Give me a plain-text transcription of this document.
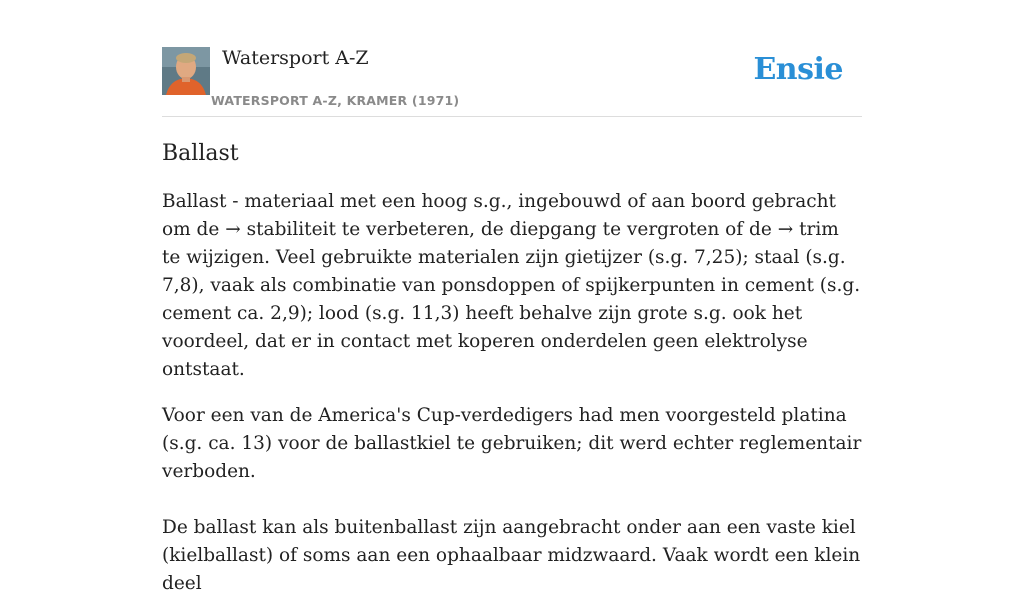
Watersport A-Z
WATERSPORT A-Z, KRAMER (1971)
Ensie
Ballast

Ballast - materiaal met een hoog s.g., ingebouwd of aan boord gebracht om de → stabiliteit te verbeteren, de diepgang te vergroten of de → trim te wijzigen. Veel gebruikte materialen zijn gietijzer (s.g. 7,25); staal (s.g. 7,8), vaak als combinatie van ponsdoppen of spijkerpunten in cement (s.g. cement ca. 2,9); lood (s.g. 11,3) heeft behalve zijn grote s.g. ook het voordeel, dat er in contact met koperen onderdelen geen elektrolyse ontstaat.

Voor een van de America's Cup-verdedigers had men voorgesteld platina (s.g. ca. 13) voor de ballastkiel te gebruiken; dit werd echter reglementair verboden.

De ballast kan als buitenballast zijn aangebracht onder aan een vaste kiel (kielballast) of soms aan een ophaalbaar midzwaard. Vaak wordt een klein deel
